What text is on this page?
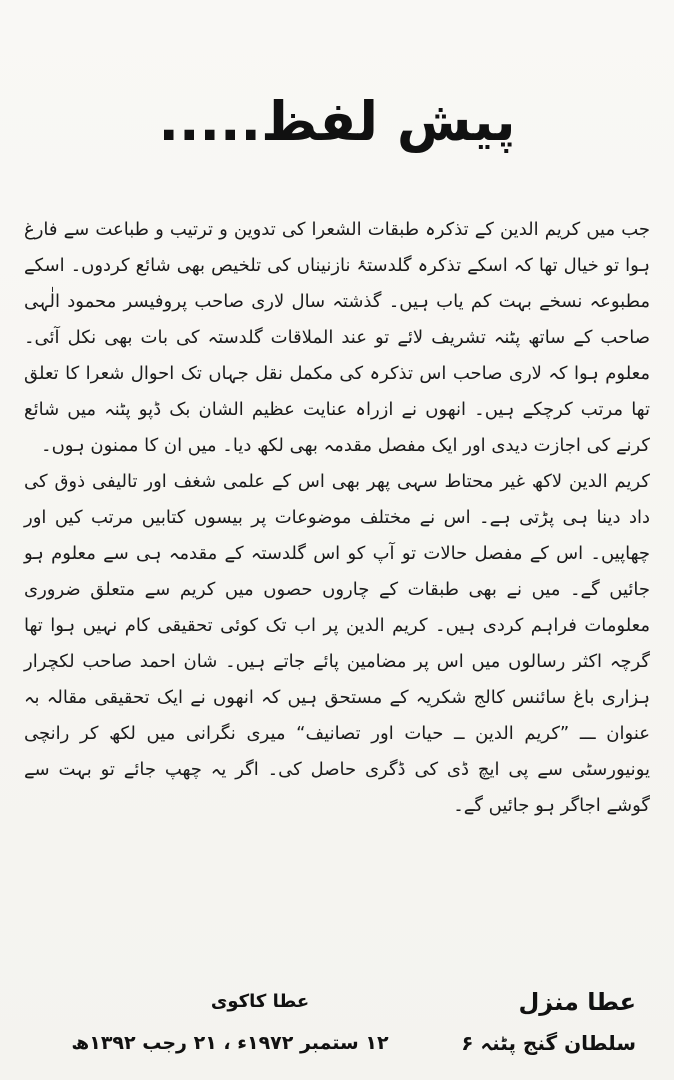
پیش لفظ.....

جب میں کریم الدین کے تذکرہ طبقات الشعرا کی تدوین و ترتیب و طباعت سے فارغ ہوا تو خیال تھا کہ اسکے تذکرہ گلدستۂ نازنیناں کی تلخیص بھی شائع کردوں۔ اسکے مطبوعہ نسخے بہت کم یاب ہیں۔ گذشتہ سال لاری صاحب پروفیسر محمود الٰہی صاحب کے ساتھ پٹنہ تشریف لائے تو عند الملاقات گلدستہ کی بات بھی نکل آئی۔ معلوم ہوا کہ لاری صاحب اس تذکرہ کی مکمل نقل جہاں تک احوال شعرا کا تعلق تھا مرتب کرچکے ہیں۔ انھوں نے ازراہ عنایت عظیم الشان بک ڈپو پٹنہ میں شائع کرنے کی اجازت دیدی اور ایک مفصل مقدمہ بھی لکھ دیا۔ میں ان کا ممنون ہوں۔

کریم الدین لاکھ غیر محتاط سہی پھر بھی اس کے علمی شغف اور تالیفی ذوق کی داد دینا ہی پڑتی ہے۔ اس نے مختلف موضوعات پر بیسوں کتابیں مرتب کیں اور چھاپیں۔ اس کے مفصل حالات تو آپ کو اس گلدستہ کے مقدمہ ہی سے معلوم ہو جائیں گے۔ میں نے بھی طبقات کے چاروں حصوں میں کریم سے متعلق ضروری معلومات فراہم کردی ہیں۔ کریم الدین پر اب تک کوئی تحقیقی کام نہیں ہوا تھا گرچہ اکثر رسالوں میں اس پر مضامین پائے جاتے ہیں۔ شان احمد صاحب لکچرار ہزاری باغ سائنس کالج شکریہ کے مستحق ہیں کہ انھوں نے ایک تحقیقی مقالہ بہ عنوان ـــ ”کریم الدین ــ حیات اور تصانیف“ میری نگرانی میں لکھ کر رانچی یونیورسٹی سے پی ایچ ڈی کی ڈگری حاصل کی۔ اگر یہ چھپ جائے تو بہت سے گوشے اجاگر ہو جائیں گے۔

عطا منزل
سلطان گنج پٹنہ ۶
عطا کاکوی
۱۲ ستمبر ۱۹۷۲ء ، ۲۱ رجب ۱۳۹۲ھ
